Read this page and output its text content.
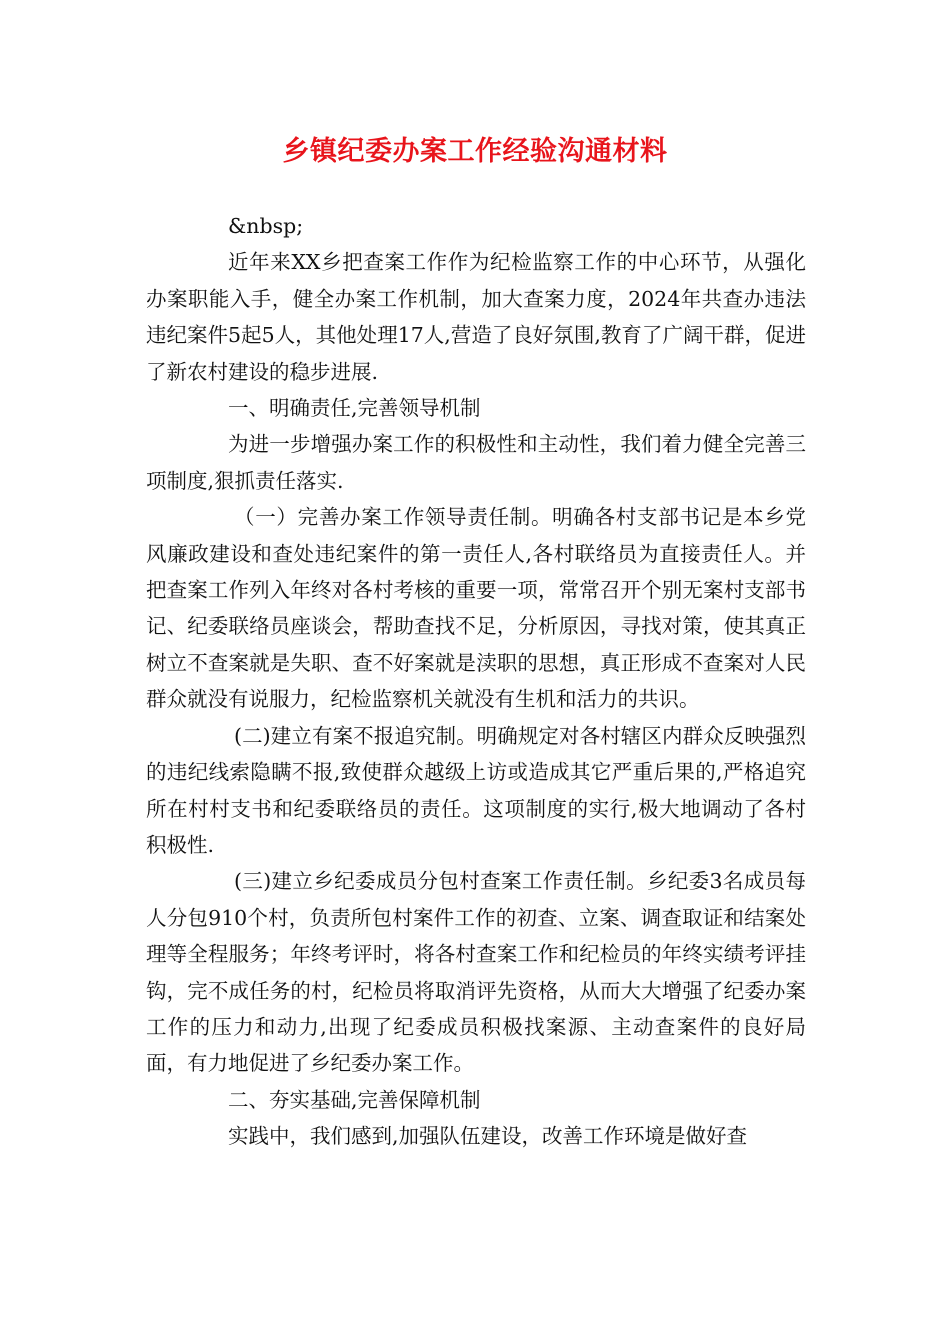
乡镇纪委办案工作经验沟通材料

&nbsp;

近年来XX乡把查案工作作为纪检监察工作的中心环节，从强化办案职能入手，健全办案工作机制，加大查案力度，2024年共查办违法违纪案件5起5人，其他处理17人,营造了良好氛围,教育了广阔干群，促进了新农村建设的稳步进展.

一、明确责任,完善领导机制

为进一步增强办案工作的积极性和主动性，我们着力健全完善三项制度,狠抓责任落实.

（一）完善办案工作领导责任制。明确各村支部书记是本乡党风廉政建设和查处违纪案件的第一责任人,各村联络员为直接责任人。并把查案工作列入年终对各村考核的重要一项，常常召开个别无案村支部书记、纪委联络员座谈会，帮助查找不足，分析原因，寻找对策，使其真正树立不查案就是失职、查不好案就是渎职的思想，真正形成不查案对人民群众就没有说服力，纪检监察机关就没有生机和活力的共识。

(二)建立有案不报追究制。明确规定对各村辖区内群众反映强烈的违纪线索隐瞒不报,致使群众越级上访或造成其它严重后果的,严格追究所在村村支书和纪委联络员的责任。这项制度的实行,极大地调动了各村积极性.

(三)建立乡纪委成员分包村查案工作责任制。乡纪委3名成员每人分包910个村，负责所包村案件工作的初查、立案、调查取证和结案处理等全程服务；年终考评时，将各村查案工作和纪检员的年终实绩考评挂钩，完不成任务的村，纪检员将取消评先资格，从而大大增强了纪委办案工作的压力和动力,出现了纪委成员积极找案源、主动查案件的良好局面，有力地促进了乡纪委办案工作。

二、夯实基础,完善保障机制

实践中，我们感到,加强队伍建设，改善工作环境是做好查
